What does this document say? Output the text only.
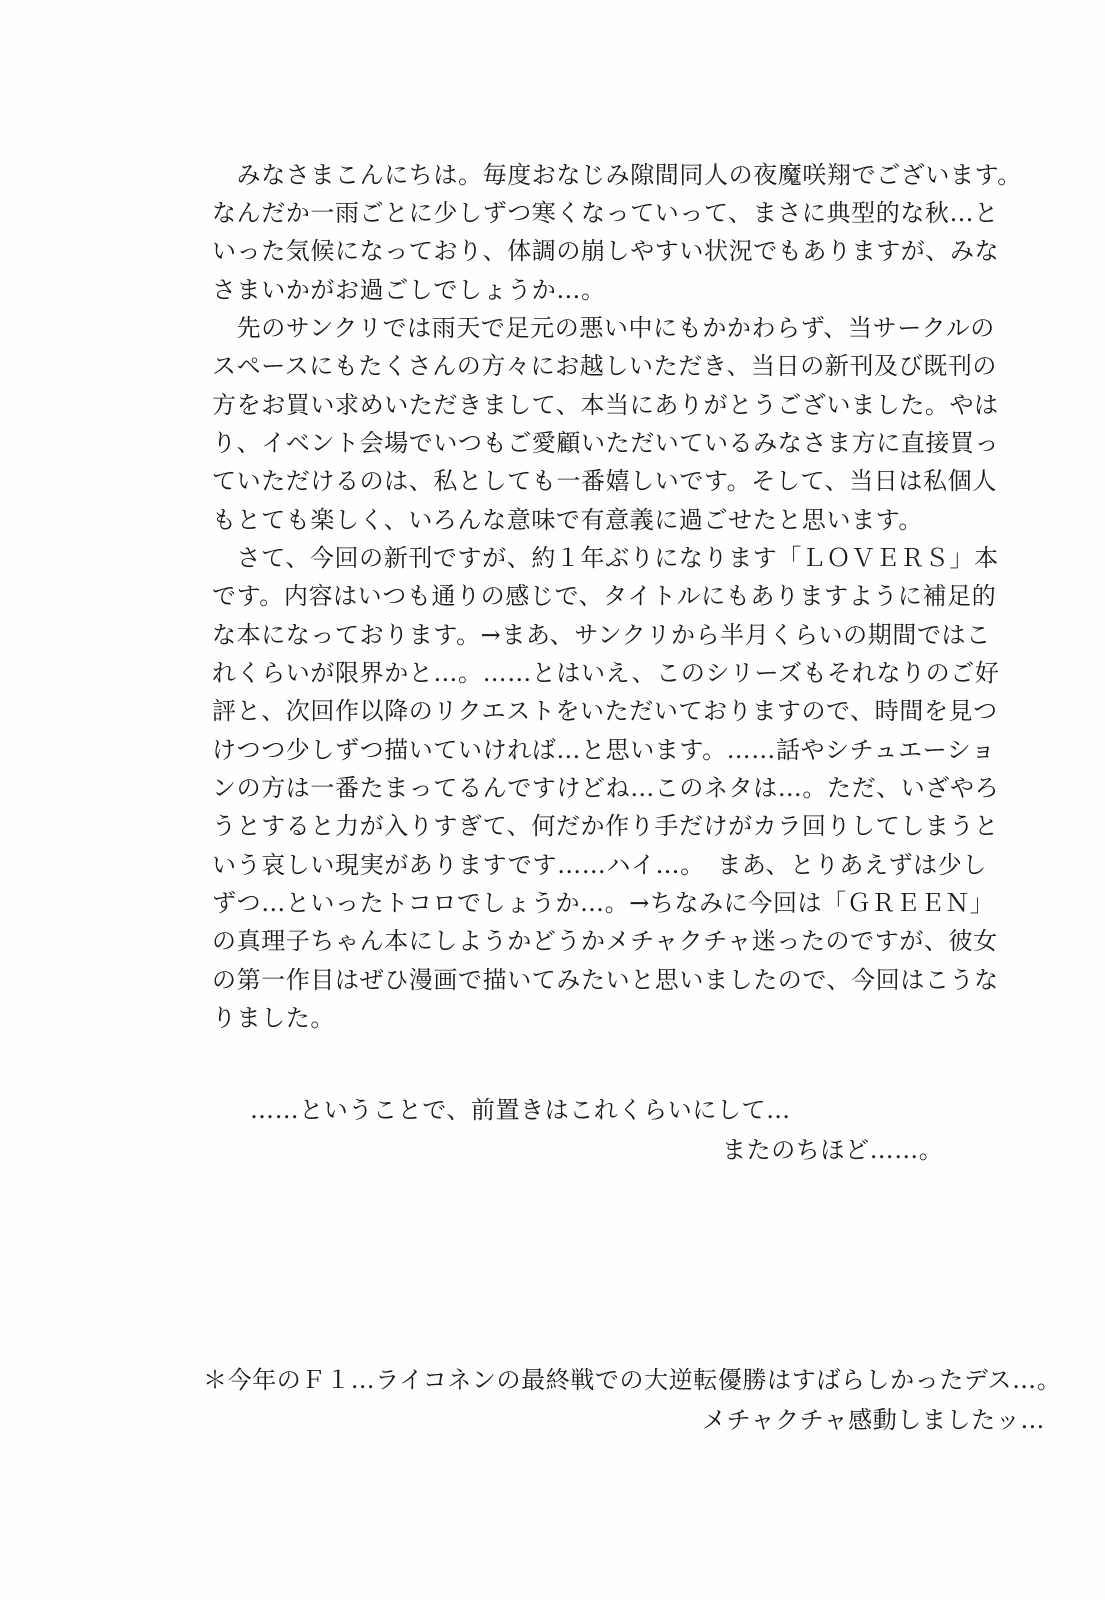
　みなさまこんにちは。毎度おなじみ隙間同人の夜魔咲翔でございます。
なんだか一雨ごとに少しずつ寒くなっていって、まさに典型的な秋…と
いった気候になっており、体調の崩しやすい状況でもありますが、みな
さまいかがお過ごしでしょうか…。
　先のサンクリでは雨天で足元の悪い中にもかかわらず、当サークルの
スペースにもたくさんの方々にお越しいただき、当日の新刊及び既刊の
方をお買い求めいただきまして、本当にありがとうございました。やは
り、イベント会場でいつもご愛顧いただいているみなさま方に直接買っ
ていただけるのは、私としても一番嬉しいです。そして、当日は私個人
もとても楽しく、いろんな意味で有意義に過ごせたと思います。
　さて、今回の新刊ですが、約１年ぶりになります「ＬＯＶＥＲＳ」本
です。内容はいつも通りの感じで、タイトルにもありますように補足的
な本になっております。→まあ、サンクリから半月くらいの期間ではこ
れくらいが限界かと…。……とはいえ、このシリーズもそれなりのご好
評と、次回作以降のリクエストをいただいておりますので、時間を見つ
けつつ少しずつ描いていければ…と思います。……話やシチュエーショ
ンの方は一番たまってるんですけどね…このネタは…。ただ、いざやろ
うとすると力が入りすぎて、何だか作り手だけがカラ回りしてしまうと
いう哀しい現実がありますです……ハイ…。　まあ、とりあえずは少し
ずつ…といったトコロでしょうか…。→ちなみに今回は「ＧＲＥＥＮ」
の真理子ちゃん本にしようかどうかメチャクチャ迷ったのですが、彼女
の第一作目はぜひ漫画で描いてみたいと思いましたので、今回はこうな
りました。
……ということで、前置きはこれくらいにして…
またのちほど……。
＊今年のＦ１…ライコネンの最終戦での大逆転優勝はすばらしかったデス…。
メチャクチャ感動しましたッ…
